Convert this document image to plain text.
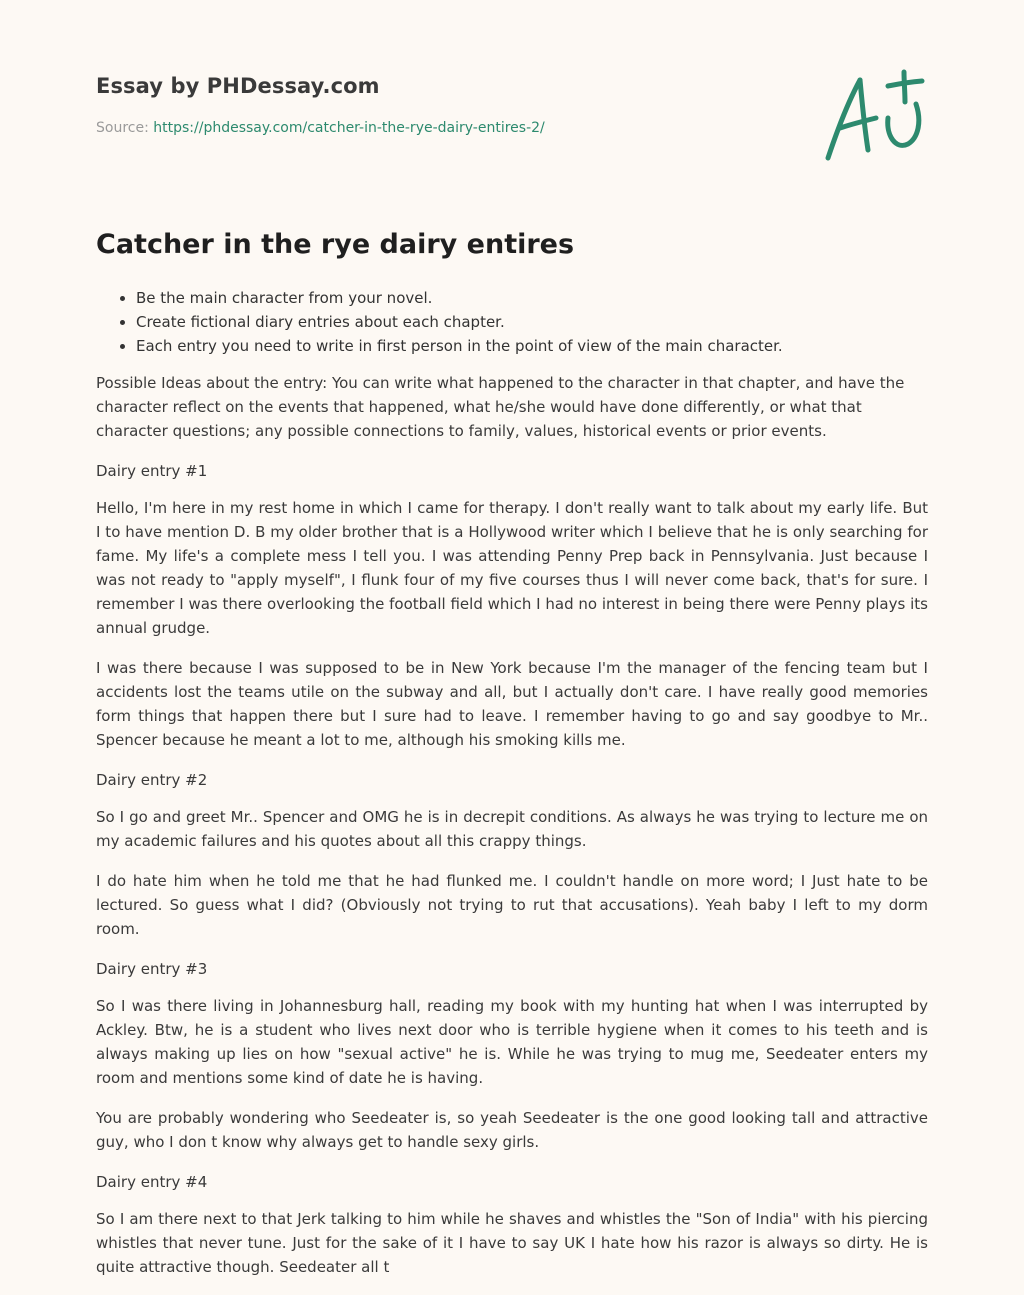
Essay by PHDessay.com
Source: https://phdessay.com/catcher-in-the-rye-dairy-entires-2/
Catcher in the rye dairy entires
• Be the main character from your novel.
• Create fictional diary entries about each chapter.
• Each entry you need to write in first person in the point of view of the main character.

Possible Ideas about the entry: You can write what happened to the character in that chapter, and have the character reflect on the events that happened, what he/she would have done differently, or what that character questions; any possible connections to family, values, historical events or prior events.

Dairy entry #1

Hello, I'm here in my rest home in which I came for therapy. I don't really want to talk about my early life. But I to have mention D. B my older brother that is a Hollywood writer which I believe that he is only searching for fame. My life's a complete mess I tell you. I was attending Penny Prep back in Pennsylvania. Just because I was not ready to "apply myself", I flunk four of my five courses thus I will never come back, that's for sure. I remember I was there overlooking the football field which I had no interest in being there were Penny plays its annual grudge.

I was there because I was supposed to be in New York because I'm the manager of the fencing team but I accidents lost the teams utile on the subway and all, but I actually don't care. I have really good memories form things that happen there but I sure had to leave. I remember having to go and say goodbye to Mr.. Spencer because he meant a lot to me, although his smoking kills me.

Dairy entry #2

So I go and greet Mr.. Spencer and OMG he is in decrepit conditions. As always he was trying to lecture me on my academic failures and his quotes about all this crappy things.

I do hate him when he told me that he had flunked me. I couldn't handle on more word; I Just hate to be lectured. So guess what I did? (Obviously not trying to rut that accusations). Yeah baby I left to my dorm room.

Dairy entry #3

So I was there living in Johannesburg hall, reading my book with my hunting hat when I was interrupted by Ackley. Btw, he is a student who lives next door who is terrible hygiene when it comes to his teeth and is always making up lies on how "sexual active" he is. While he was trying to mug me, Seedeater enters my room and mentions some kind of date he is having.

You are probably wondering who Seedeater is, so yeah Seedeater is the one good looking tall and attractive guy, who I don t know why always get to handle sexy girls.

Dairy entry #4

So I am there next to that Jerk talking to him while he shaves and whistles the "Son of India" with his piercing whistles that never tune. Just for the sake of it I have to say UK I hate how his razor is always so dirty. He is quite attractive though. Seedeater all t
